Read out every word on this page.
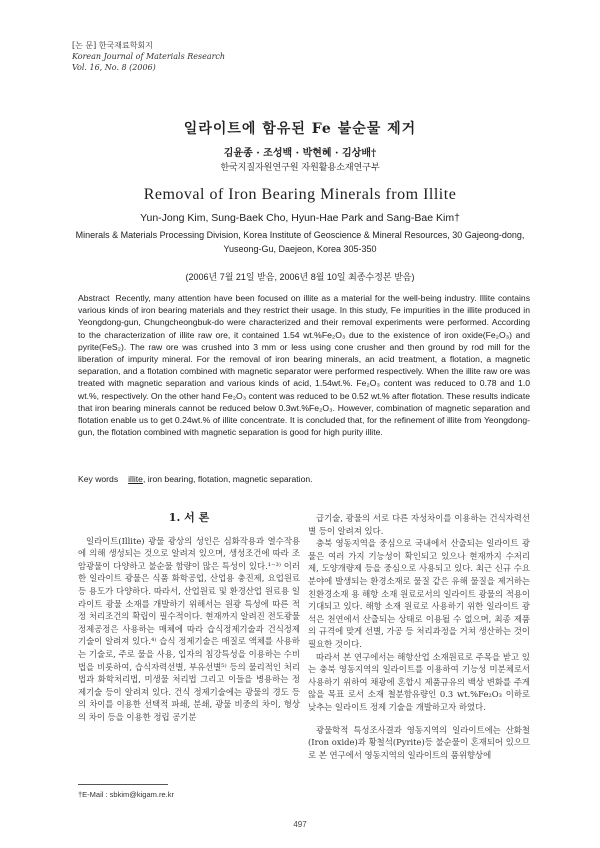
[논 문] 한국재료학회지
Korean Journal of Materials Research
Vol. 16, No. 8 (2006)
일라이트에 함유된 Fe 불순물 제거
김윤종 · 조성백 · 박현혜 · 김상배†
한국지질자원연구원 자원활용소재연구부
Removal of Iron Bearing Minerals from Illite
Yun-Jong Kim, Sung-Baek Cho, Hyun-Hae Park and Sang-Bae Kim†
Minerals & Materials Processing Division, Korea Institute of Geoscience & Mineral Resources, 30 Gajeong-dong, Yuseong-Gu, Daejeon, Korea 305-350
(2006년 7월 21일 받음, 2006년 8월 10일 최종수정본 받음)
Abstract Recently, many attention have been focused on illite as a material for the well-being industry. Illite contains various kinds of iron bearing materials and they restrict their usage. In this study, Fe impurities in the illite produced in Yeongdong-gun, Chungcheongbuk-do were characterized and their removal experiments were performed. According to the characterization of illite raw ore, it contained 1.54 wt.%Fe₂O₃ due to the existence of iron oxide(Fe₂O₃) and pyrite(FeS₂). The raw ore was crushed into 3 mm or less using cone crusher and then ground by rod mill for the liberation of impurity mineral. For the removal of iron bearing minerals, an acid treatment, a flotation, a magnetic separation, and a flotation combined with magnetic separator were performed respectively. When the illite raw ore was treated with magnetic separation and various kinds of acid, 1.54wt.%. Fe₂O₃ content was reduced to 0.78 and 1.0 wt.%, respectively. On the other hand Fe₂O₃ content was reduced to be 0.52 wt.% after flotation. These results indicate that iron bearing minerals cannot be reduced below 0.3wt.%Fe₂O₃. However, combination of magnetic separation and flotation enable us to get 0.24wt.% of illite concentrate. It is concluded that, for the refinement of illite from Yeongdong-gun, the flotation combined with magnetic separation is good for high purity illite.
Key words illite, iron bearing, flotation, magnetic separation.
1. 서 론

일라이트(Illite) 광물 광상의 성인은 심화작용과 열수작용에 의해 생성되는 것으로 알려져 있으며, 생성조건에 따라 조암광물이 다양하고 불순물 함량이 많은 특성이 있다.¹⁻³⁾ 이러한 일라이트 광물은 식품 화학공업, 산업용 충진제, 요업원료 등 용도가 다양하다. 따라서, 산업원료 및 환경산업 원료용 일라이트 광물 소재를 개발하기 위해서는 원광 특성에 따른 적정 처리조건의 확립이 필수적이다. 현재까지 알려진 전도광물 정제공정은 사용하는 매체에 따라 습식정제기술과 건식정제기술이 알려져 있다.⁴⁾ 습식 정제기술은 매질로 액체를 사용하는 기술로, 주로 물을 사용, 입자의 침강특성을 이용하는 수비법을 비롯하여, 습식자력선별, 부유선별⁵⁾ 등의 물리적인 처리법과 화학처리법, 미생물 처리법 그리고 이들을 병용하는 정제기술 등이 알려져 있다. 건식 정제기술에는 광물의 경도 등의 차이를 이용한 선택적 파쇄, 분쇄, 광물 비중의 차이, 형상의 차이 등을 이용한 정립 공기분

급기술, 광물의 서로 다른 자성차이를 이용하는 건식자력선별 등이 알려져 있다.

충북 영동지역을 중심으로 국내에서 산출되는 일라이트 광물은 여러 가지 기능성이 확인되고 있으나 현재까지 수저리제, 도양개량제 등을 중심으로 사용되고 있다. 최근 신규 수요 분야에 발생되는 환경소재로 물질 같은 유해 물질을 제거하는 친환경소재 용 해항 소재 원료로서의 일라이트 광물의 적용이 기대되고 있다. 해항 소재 원료로 사용하기 위한 일라이트 광석은 천연에서 산출되는 상태로 이용될 수 없으며, 최종 제품의 규격에 맞게 선별, 가공 등 처리과정을 거쳐 생산하는 것이 필요한 것이다.

따라서 본 연구에서는 해항산업 소재원료로 주목을 받고 있는 충북 영동지역의 일라이트를 이용하여 기능성 미분체로서 사용하기 위하여 채광에 혼합시 제품규유의 백상 변화를 주게 않을 목표 로서 소재 철분함유량인 0.3 wt.%Fe₂O₃ 이하로 낮추는 일라이트 정제 기술을 개발하고자 하였다.

광물학적 특성조사결과 영동지역의 일라이트에는 산화철(Iron oxide)과 황철석(Pyrite)등 불순물이 혼재되어 있으므로 본 연구에서 영동지역의 일라이트의 품위향상에

†E-Mail : sbkim@kigam.re.kr
497
